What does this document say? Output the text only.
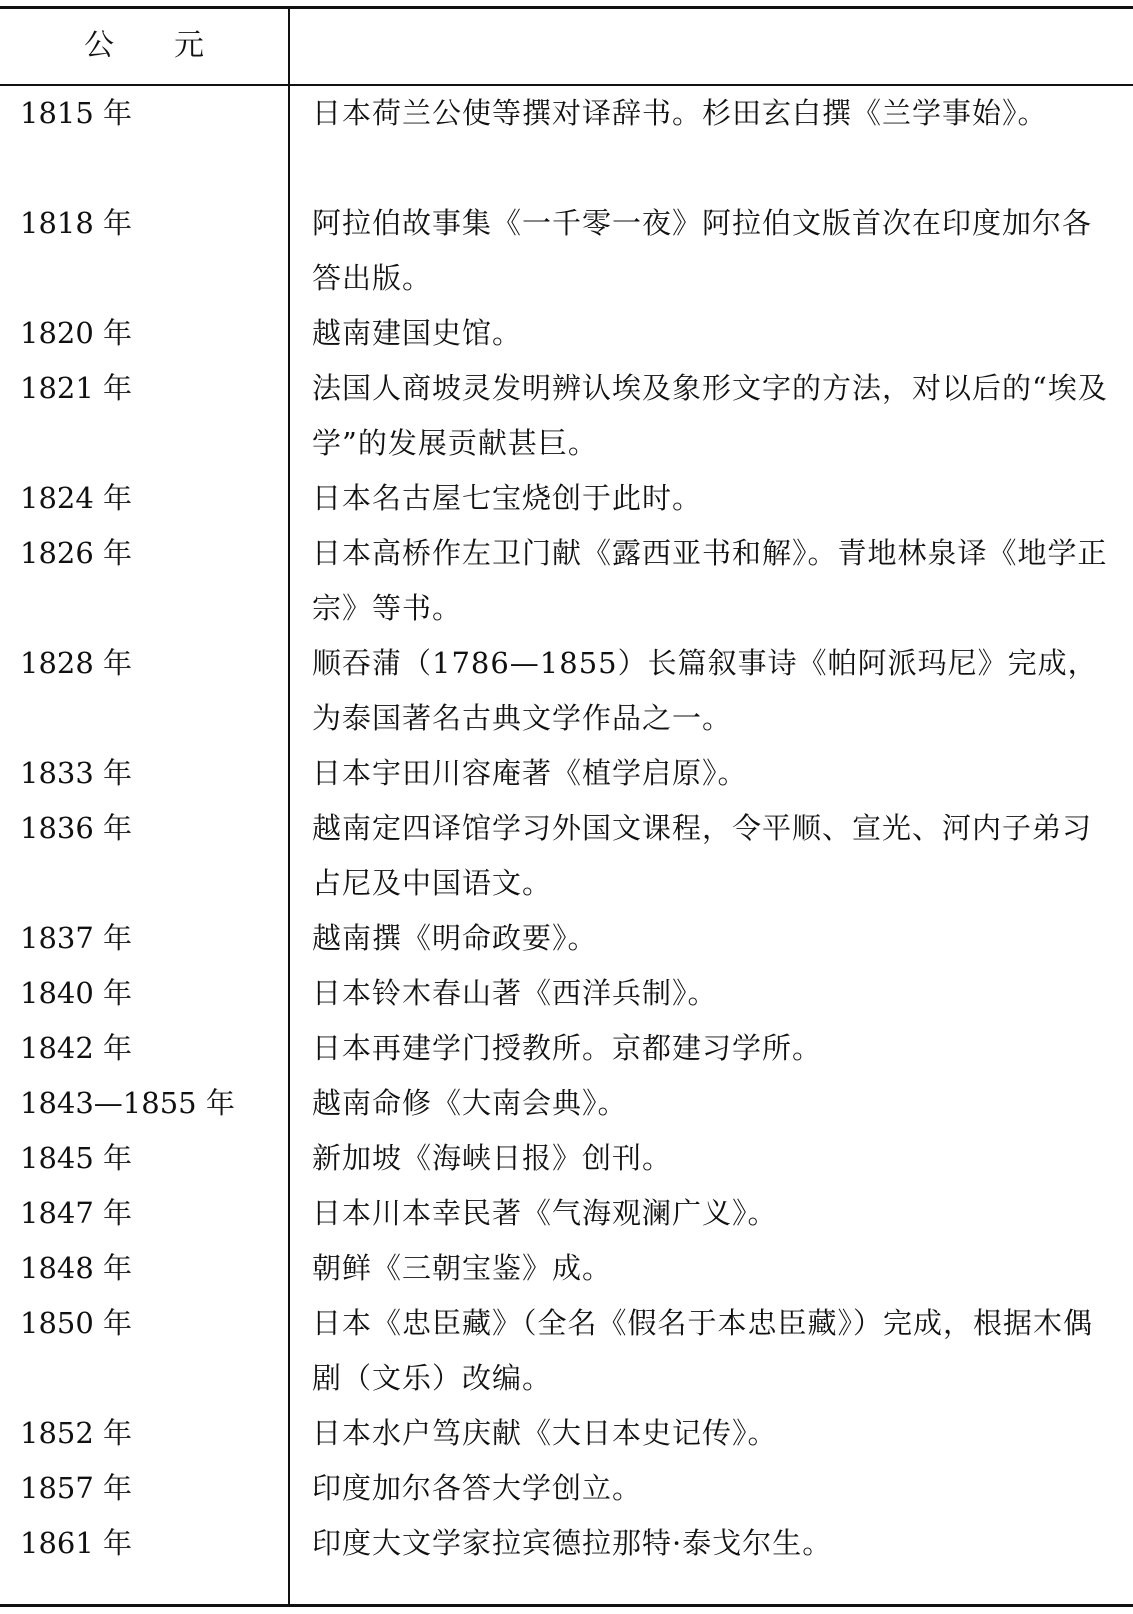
公元
1815 年	日本荷兰公使等撰对译辞书。杉田玄白撰《兰学事始》。
1818 年	阿拉伯故事集《一千零一夜》阿拉伯文版首次在印度加尔各答出版。
1820 年	越南建国史馆。
1821 年	法国人商坡灵发明辨认埃及象形文字的方法，对以后的“埃及学”的发展贡献甚巨。
1824 年	日本名古屋七宝烧创于此时。
1826 年	日本高桥作左卫门献《露西亚书和解》。青地林泉译《地学正宗》等书。
1828 年	顺吞蒲（1786—1855）长篇叙事诗《帕阿派玛尼》完成，为泰国著名古典文学作品之一。
1833 年	日本宇田川容庵著《植学启原》。
1836 年	越南定四译馆学习外国文课程，令平顺、宣光、河内子弟习占尼及中国语文。
1837 年	越南撰《明命政要》。
1840 年	日本铃木春山著《西洋兵制》。
1842 年	日本再建学门授教所。京都建习学所。
1843—1855 年	越南命修《大南会典》。
1845 年	新加坡《海峡日报》创刊。
1847 年	日本川本幸民著《气海观澜广义》。
1848 年	朝鲜《三朝宝鉴》成。
1850 年	日本《忠臣藏》（全名《假名于本忠臣藏》）完成，根据木偶剧（文乐）改编。
1852 年	日本水户笃庆献《大日本史记传》。
1857 年	印度加尔各答大学创立。
1861 年	印度大文学家拉宾德拉那特·泰戈尔生。
